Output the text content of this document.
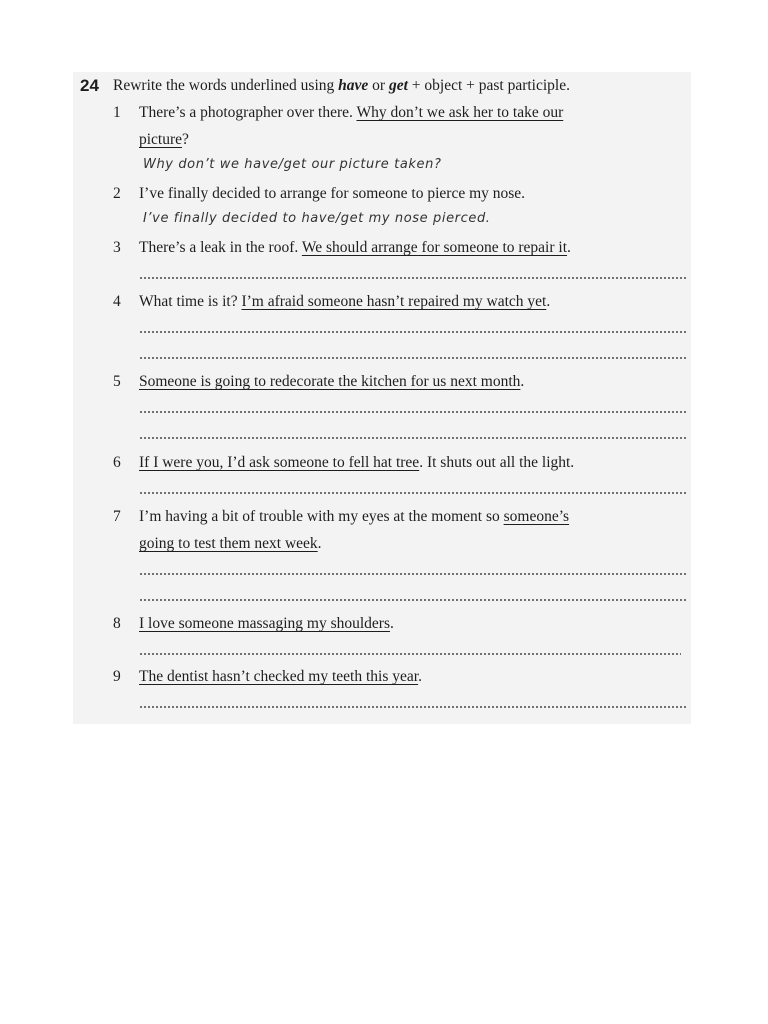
24 Rewrite the words underlined using have or get + object + past participle.
1 There’s a photographer over there. Why don’t we ask her to take our
picture?
Why don’t we have/get our picture taken?
2 I’ve finally decided to arrange for someone to pierce my nose.
I’ve finally decided to have/get my nose pierced.
3 There’s a leak in the roof. We should arrange for someone to repair it.
4 What time is it? I’m afraid someone hasn’t repaired my watch yet.
5 Someone is going to redecorate the kitchen for us next month.
6 If I were you, I’d ask someone to fell hat tree. It shuts out all the light.
7 I’m having a bit of trouble with my eyes at the moment so someone’s
going to test them next week.
8 I love someone massaging my shoulders.
9 The dentist hasn’t checked my teeth this year.
